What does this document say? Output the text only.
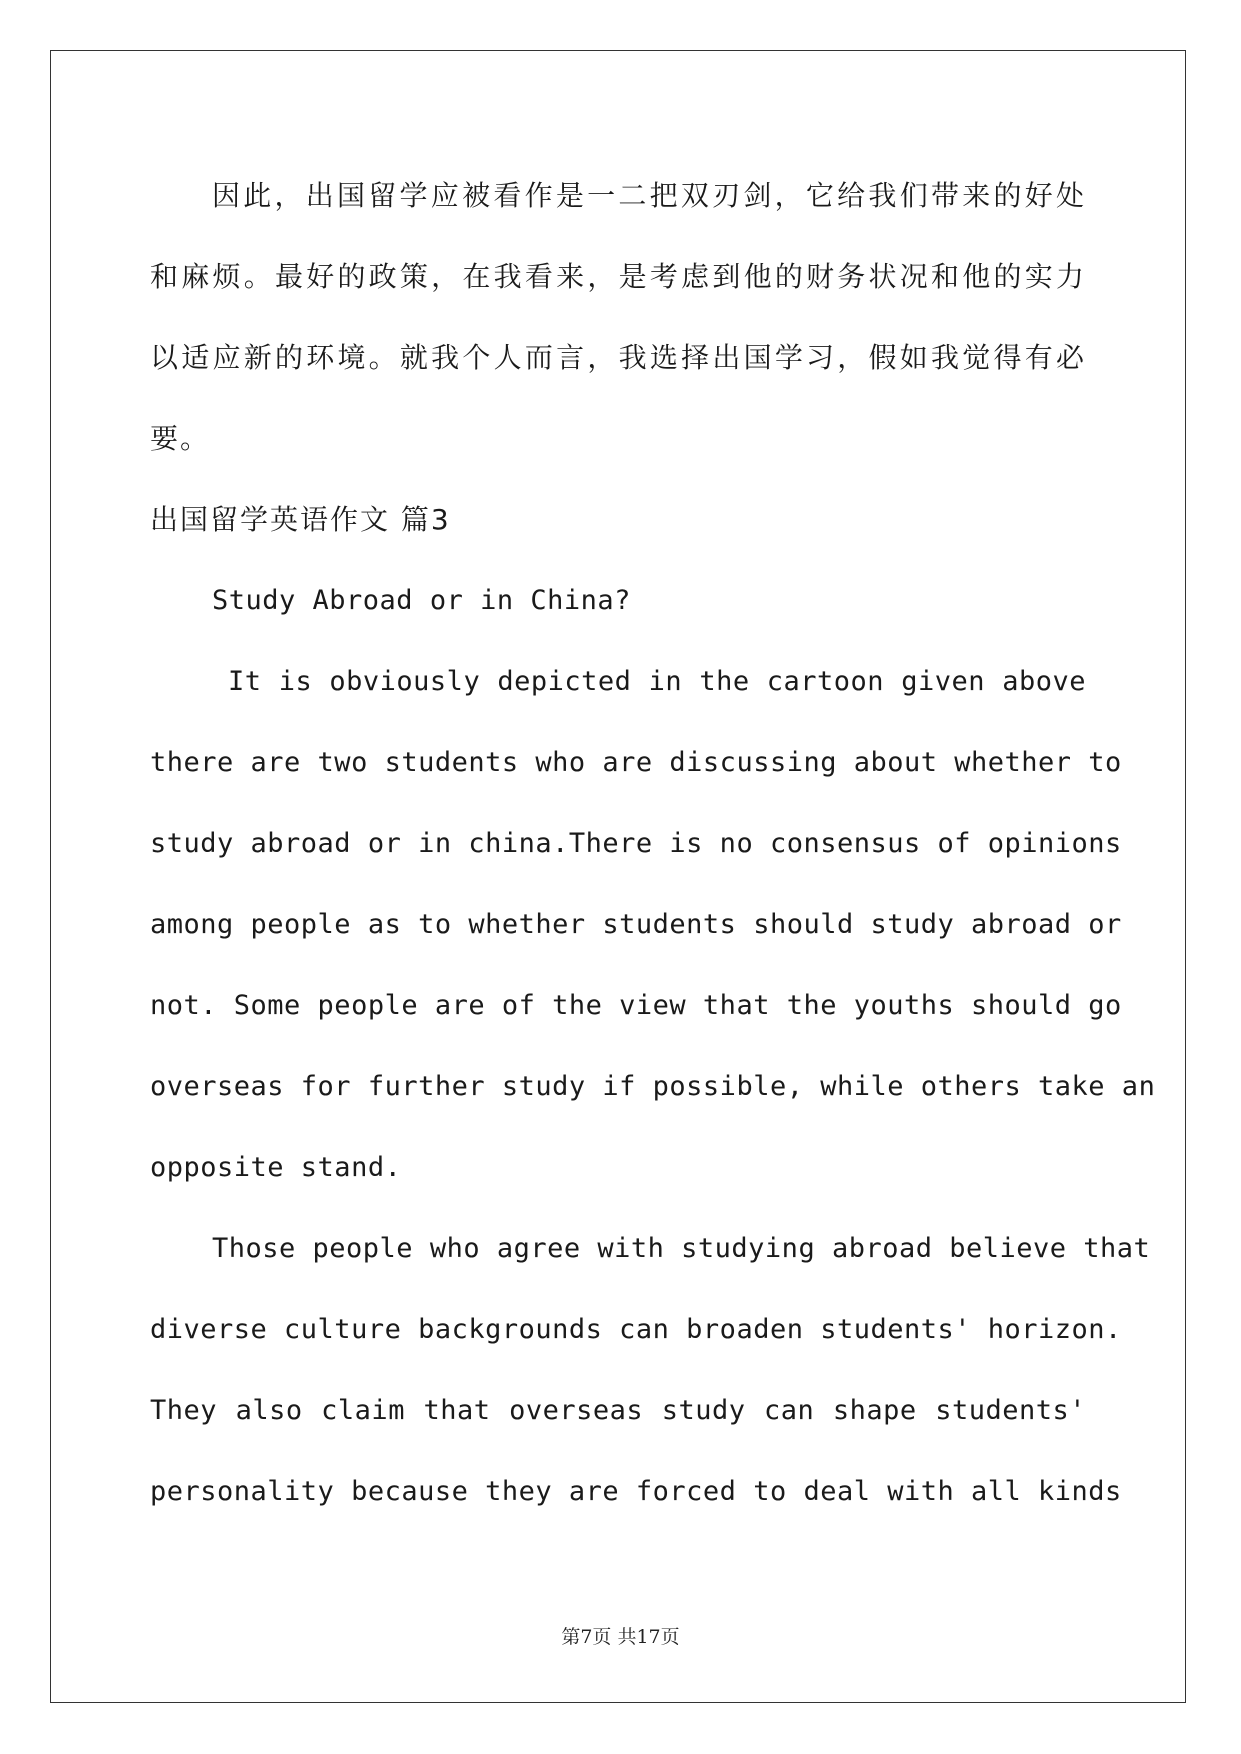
因此，出国留学应被看作是一二把双刃剑，它给我们带来的好处
和麻烦。最好的政策，在我看来，是考虑到他的财务状况和他的实力
以适应新的环境。就我个人而言，我选择出国学习，假如我觉得有必
要。
出国留学英语作文 篇3
Study Abroad or in China?
It is obviously depicted in the cartoon given above
there are two students who are discussing about whether to
study abroad or in china.There is no consensus of opinions
among people as to whether students should study abroad or
not. Some people are of the view that the youths should go
overseas for further study if possible, while others take an
opposite stand.
Those people who agree with studying abroad believe that
diverse culture backgrounds can broaden students' horizon.
They also claim that overseas study can shape students'
personality because they are forced to deal with all kinds
第7页 共17页
